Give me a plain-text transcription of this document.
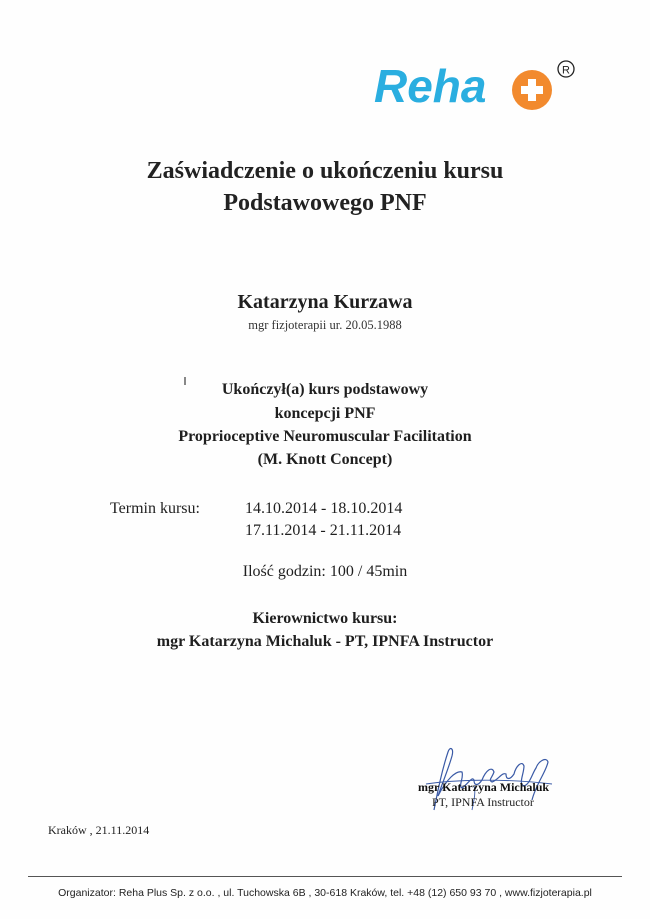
Reha	R
Zaświadczenie o ukończeniu kursu
Podstawowego PNF
Katarzyna Kurzawa
mgr fizjoterapii ur. 20.05.1988
Ukończył(a) kurs podstawowy
koncepcji PNF
Proprioceptive Neuromuscular Facilitation
(M. Knott Concept)
Termin kursu:	14.10.2014 - 18.10.2014
17.11.2014 - 21.11.2014
Ilość godzin: 100 / 45min
Kierownictwo kursu:
mgr Katarzyna Michaluk - PT, IPNFA Instructor
mgr Katarzyna Michaluk
PT, IPNFA Instructor
Kraków , 21.11.2014
Organizator: Reha Plus Sp. z o.o. , ul. Tuchowska 6B , 30-618 Kraków, tel. +48 (12) 650 93 70 , www.fizjoterapia.pl
